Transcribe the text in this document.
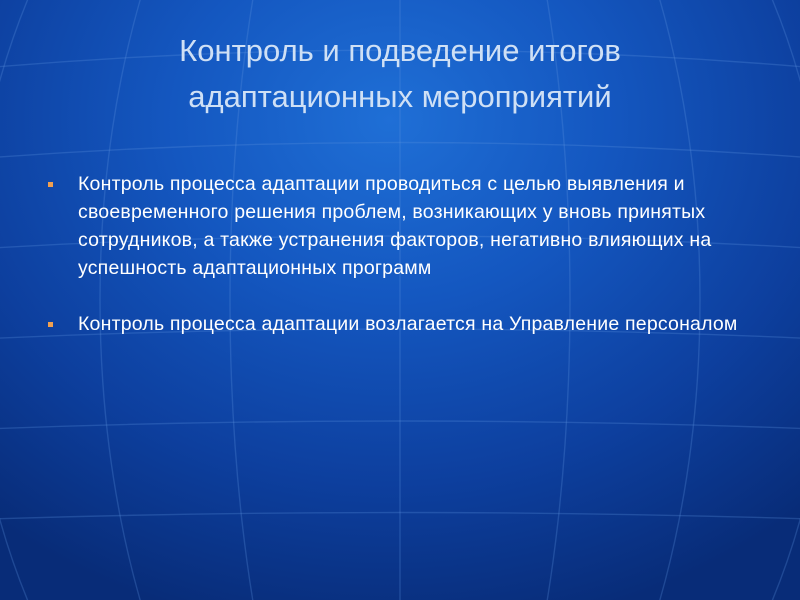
Контроль и подведение итогов
адаптационных мероприятий
Контроль процесса адаптации проводиться с целью выявления и своевременного решения проблем, возникающих у вновь принятых сотрудников, а также устранения факторов, негативно влияющих на успешность адаптационных программ
Контроль процесса адаптации возлагается на Управление персоналом
